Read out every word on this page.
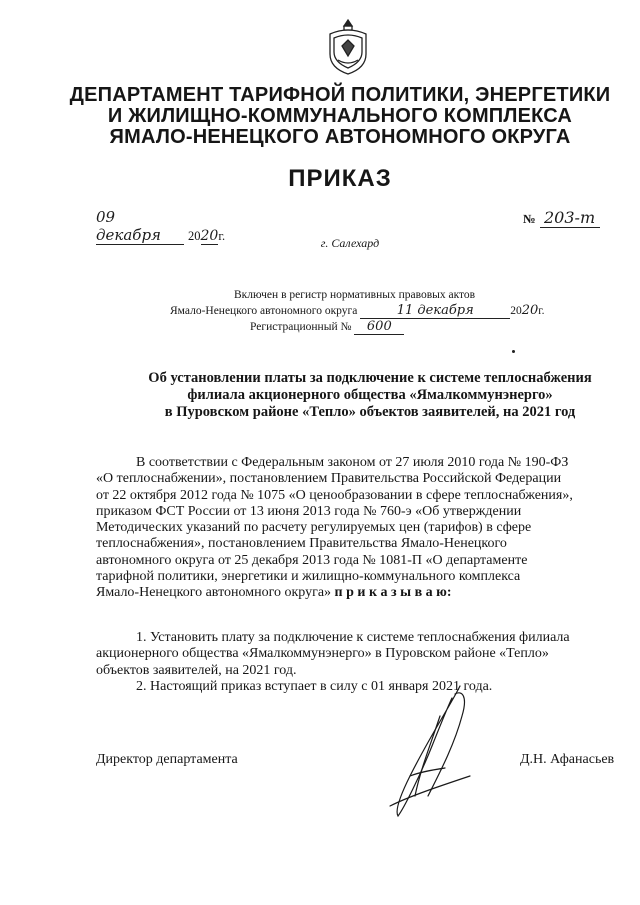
ДЕПАРТАМЕНТ ТАРИФНОЙ ПОЛИТИКИ, ЭНЕРГЕТИКИ
И ЖИЛИЩНО-КОММУНАЛЬНОГО КОМПЛЕКСА
ЯМАЛО-НЕНЕЦКОГО АВТОНОМНОГО ОКРУГА
ПРИКАЗ
09 декабря 2020г.
№ 203-т
г. Салехард
Включен в регистр нормативных правовых актов
Ямало-Ненецкого автономного округа	11 декабря	2020г.
Регистрационный № 600
Об установлении платы за подключение к системе теплоснабжения
филиала акционерного общества «Ямалкоммунэнерго»
в Пуровском районе «Тепло» объектов заявителей, на 2021 год

В соответствии с Федеральным законом от 27 июля 2010 года № 190-ФЗ

«О теплоснабжении», постановлением Правительства Российской Федерации

от 22 октября 2012 года № 1075 «О ценообразовании в сфере теплоснабжения»,

приказом ФСТ России от 13 июня 2013 года № 760-э «Об утверждении

Методических указаний по расчету регулируемых цен (тарифов) в сфере

теплоснабжения», постановлением Правительства Ямало-Ненецкого

автономного округа от 25 декабря 2013 года № 1081-П «О департаменте

тарифной политики, энергетики и жилищно-коммунального комплекса

Ямало-Ненецкого автономного округа» п р и к а з ы в а ю:

1. Установить плату за подключение к системе теплоснабжения филиала

акционерного общества «Ямалкоммунэнерго» в Пуровском районе «Тепло»

объектов заявителей, на 2021 год.

2. Настоящий приказ вступает в силу с 01 января 2021 года.

Директор департамента	Д.Н. Афанасьев
